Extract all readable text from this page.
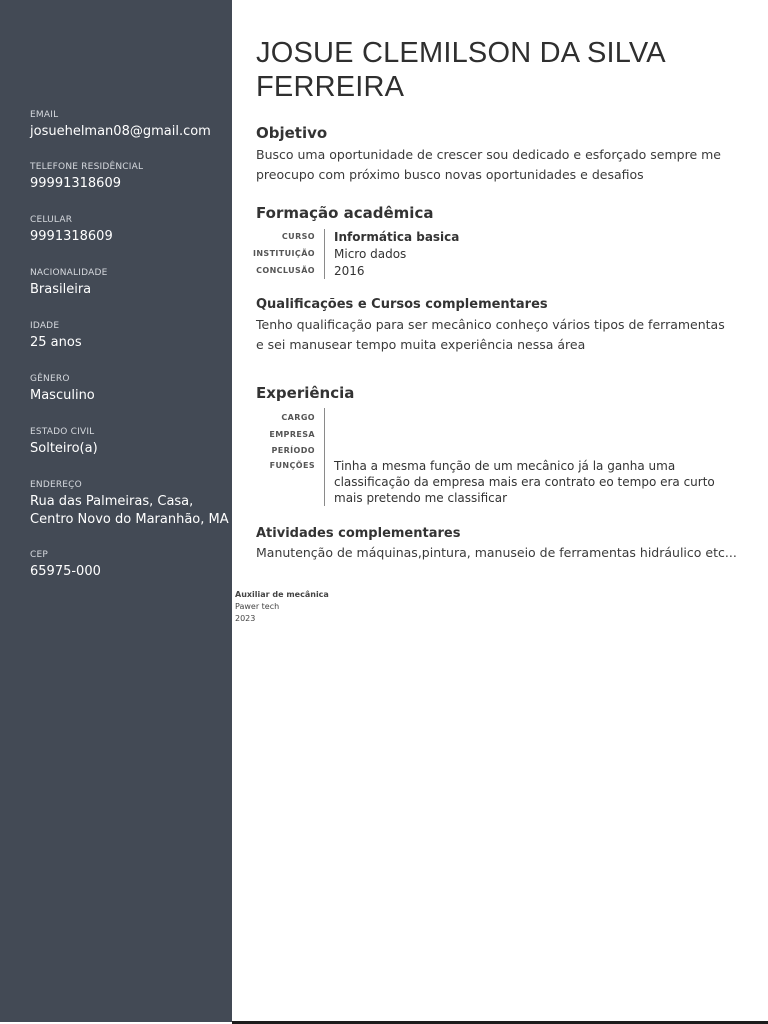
EMAIL
josuehelman08@gmail.com
TELEFONE RESIDÊNCIAL
99991318609
CELULAR
9991318609
NACIONALIDADE
Brasileira
IDADE
25 anos
GÊNERO
Masculino
ESTADO CIVIL
Solteiro(a)
ENDEREÇO
Rua das Palmeiras, Casa, Centro Novo do Maranhão, MA
CEP
65975-000
JOSUE CLEMILSON DA SILVA FERREIRA
Objetivo
Busco uma oportunidade de crescer sou dedicado e esforçado sempre me preocupo com próximo busco novas oportunidades e desafios
Formação acadêmica
CURSO Informática basica
INSTITUIÇÃO Micro dados
CONCLUSÃO 2016
Qualificações e Cursos complementares
Tenho qualificação para ser mecânico conheço vários tipos de ferramentas e sei manusear tempo muita experiência nessa área
Experiência
CARGO
EMPRESA
PERÍODO
FUNÇÕES Tinha a mesma função de um mecânico já la ganha uma classificação da empresa mais era contrato eo tempo era curto mais pretendo me classificar
Atividades complementares
Manutenção de máquinas,pintura, manuseio de ferramentas hidráulico etc...
Auxiliar de mecânica
Pawer tech
2023
